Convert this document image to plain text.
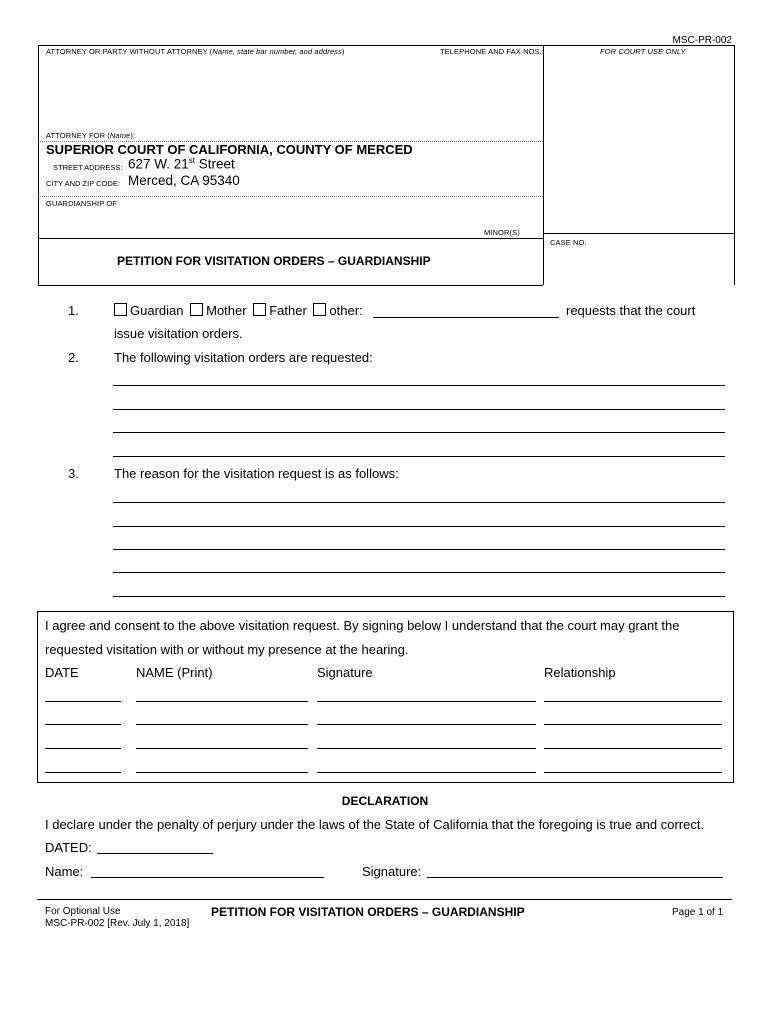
MSC-PR-002
ATTORNEY OR PARTY WITHOUT ATTORNEY (Name, state bar number, and address)	TELEPHONE AND FAX NOS.:	FOR COURT USE ONLY
ATTORNEY FOR (Name):
SUPERIOR COURT OF CALIFORNIA, COUNTY OF MERCED
STREET ADDRESS: 627 W. 21st Street
CITY AND ZIP CODE: Merced, CA 95340
GUARDIANSHIP OF
MINOR(S)
CASE NO.
PETITION FOR VISITATION ORDERS – GUARDIANSHIP
1.	Guardian Mother Father other:	requests that the court
issue visitation orders.
2.	The following visitation orders are requested:
3.	The reason for the visitation request is as follows:
I agree and consent to the above visitation request. By signing below I understand that the court may grant the
requested visitation with or without my presence at the hearing.
DATE	NAME (Print)	Signature	Relationship
DECLARATION
I declare under the penalty of perjury under the laws of the State of California that the foregoing is true and correct.
DATED:
Name:	Signature:
For Optional Use
MSC-PR-002 [Rev. July 1, 2018]
PETITION FOR VISITATION ORDERS – GUARDIANSHIP	Page 1 of 1
